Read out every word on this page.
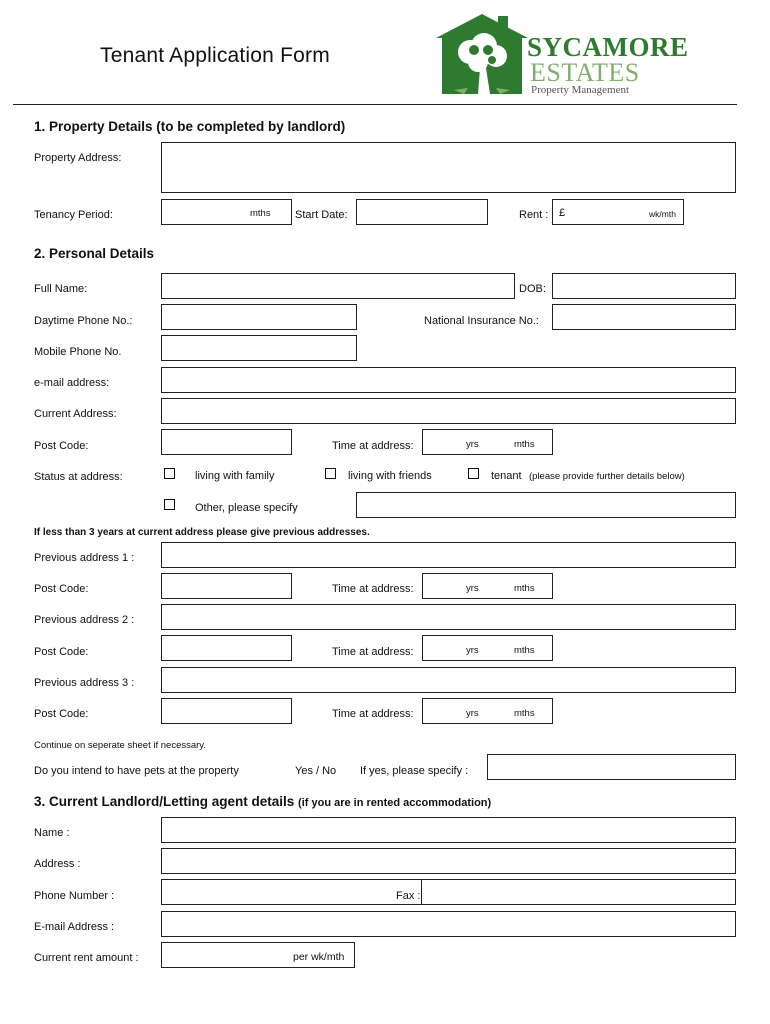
Tenant Application Form	SYCAMORE
ESTATES
Property Management
1. Property Details (to be completed by landlord)
Property Address:
Tenancy Period:	mths Start Date:	Rent : £	wk/mth
2. Personal Details
Full Name:	DOB:
Daytime Phone No.:	National Insurance No.:
Mobile Phone No.
e-mail address:
Current Address:
Post Code:	Time at address:	yrs	mths
Status at address:	living with family	living with friends	tenant (please provide further details below)
Other, please specify
If less than 3 years at current address please give previous addresses.
Previous address 1 :
Post Code:	Time at address:	yrs	mths
Previous address 2 :
Post Code:	Time at address:	yrs	mths
Previous address 3 :
Post Code:	Time at address:	yrs	mths
Continue on seperate sheet if necessary.
Do you intend to have pets at the property	Yes / No If yes, please specify :
3. Current Landlord/Letting agent details (if you are in rented accommodation)
Name :
Address :
Phone Number :	Fax :
E-mail Address :
Current rent amount :	per wk/mth
